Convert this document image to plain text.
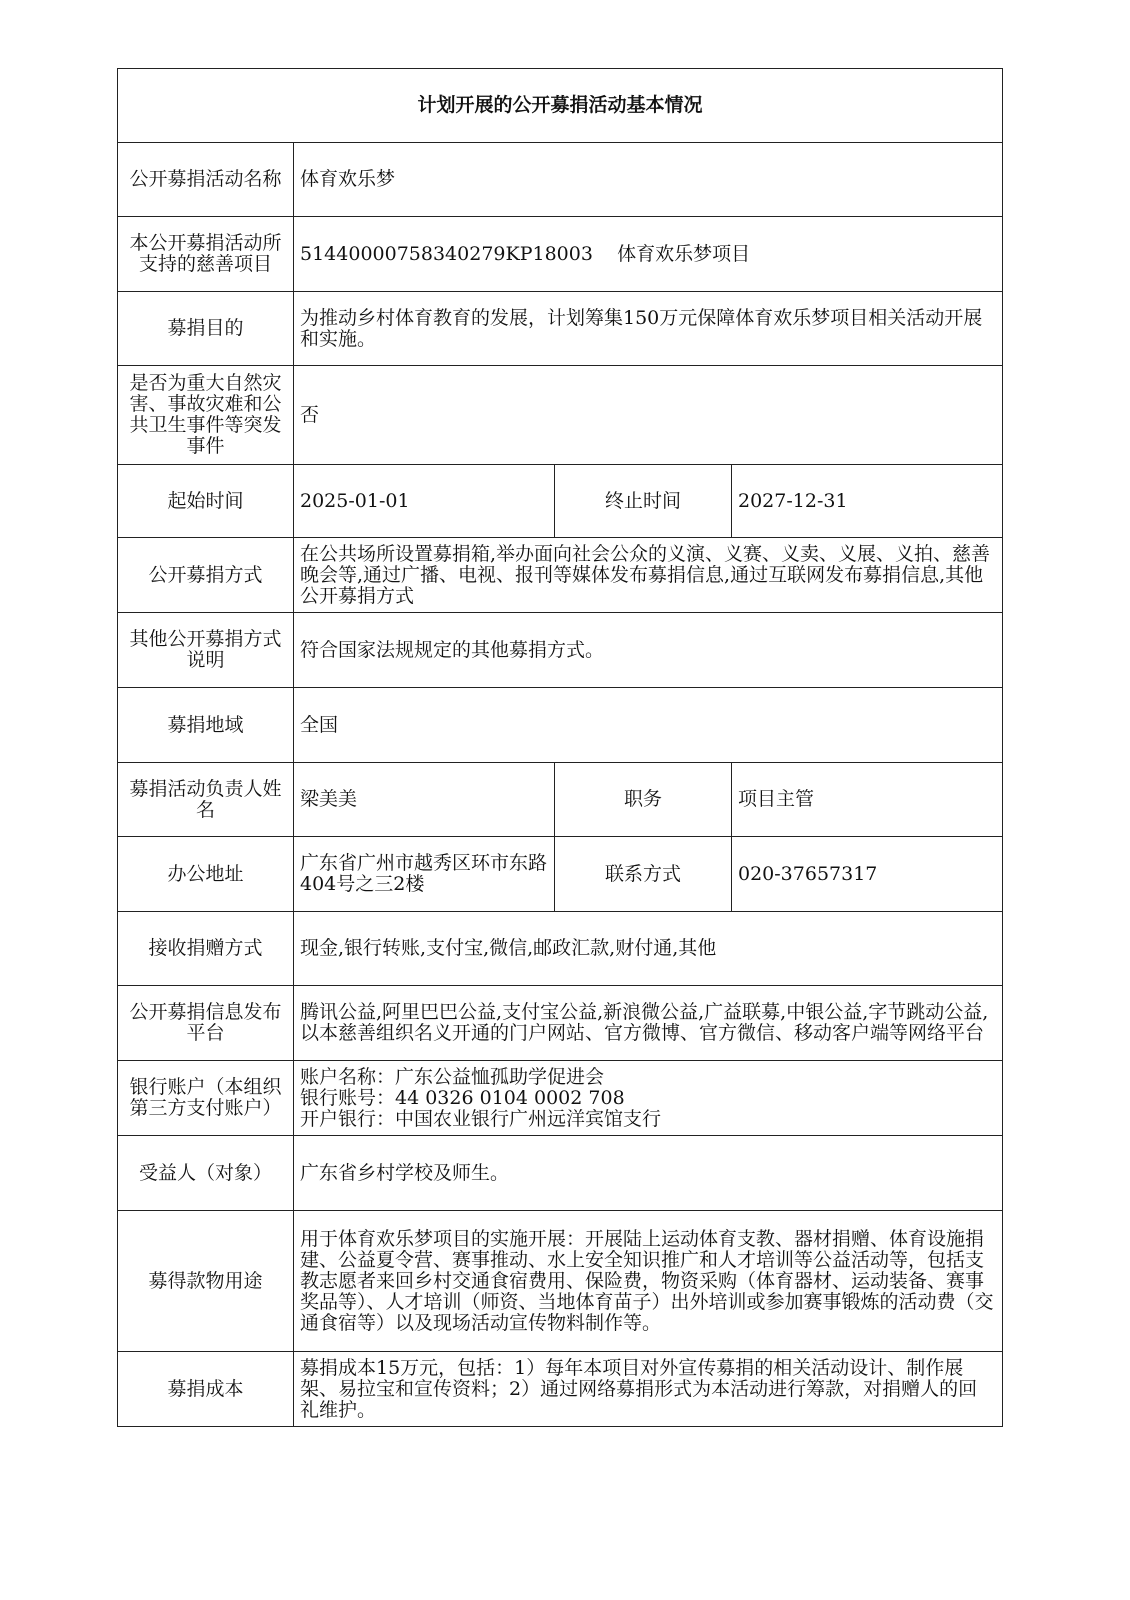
计划开展的公开募捐活动基本情况			
公开募捐活动名称	体育欢乐梦		
本公开募捐活动所支持的慈善项目	5144000075834027​9KP18003    体育欢乐梦项目		
募捐目的	为推动乡村体育教育的发展，计划筹集150万元保障体育欢乐梦项目相关活动开展和实施。		
是否为重大自然灾害、事故灾难和公共卫生事件等突发事件	否		
起始时间	2025-01-01	终止时间	2027-12-31
公开募捐方式	在公共场所设置募捐箱,举办面向社会公众的义演、义赛、义卖、义展、义拍、慈善晚会等,通过广播、电视、报刊等媒体发布募捐信息,通过互联网发布募捐信息,其他公开募捐方式		
其他公开募捐方式说明	符合国家法规规定的其他募捐方式。		
募捐地域	全国		
募捐活动负责人姓名	梁美美	职务	项目主管
办公地址	广东省广州市越秀区环市东路404号之三2楼	联系方式	020-37657317
接收捐赠方式	现金,银行转账,支付宝,微信,邮政汇款,财付通,其他		
公开募捐信息发布平台	腾讯公益,阿里巴巴公益,支付宝公益,新浪微公益,广益联募,中银公益,字节跳动公益,以本慈善组织名义开通的门户网站、官方微博、官方微信、移动客户端等网络平台		
银行账户（本组织第三方支付账户）	账户名称：广东公益恤孤助学促进会
银行账号：44 0326 0104 0002 708
开户银行：中国农业银行广州远洋宾馆支行		

受益人（对象）	广东省乡村学校及师生。		
募得款物用途	用于体育欢乐梦项目的实施开展：开展陆上运动体育支教、器材捐赠、体育设施捐建、公益夏令营、赛事推动、水上安全知识推广和人才培训等公益活动等，包括支教志愿者来回乡村交通食宿费用、保险费，物资采购（体育器材、运动装备、赛事奖品等）、人才培训（师资、当地体育苗子）出外培训或参加赛事锻炼的活动费（交通食宿等）以及现场活动宣传物料制作等。		
募捐成本	募捐成本15万元，包括：1）每年本项目对外宣传募捐的相关活动设计、制作展架、易拉宝和宣传资料；2）通过网络募捐形式为本活动进行筹款，对捐赠人的回礼维护。		
